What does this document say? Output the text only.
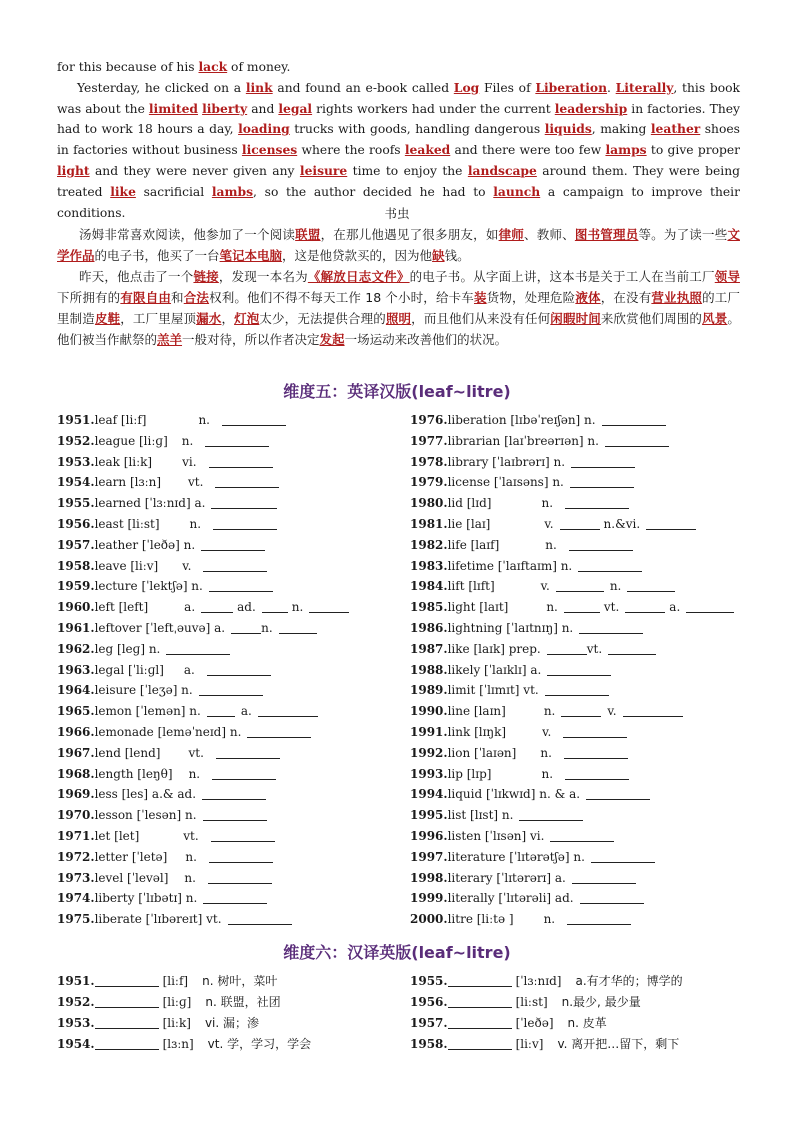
for this because of his lack of money.

Yesterday, he clicked on a link and found an e-book called Log Files of Liberation. Literally, this book was about the limited liberty and legal rights workers had under the current leadership in factories. They had to work 18 hours a day, loading trucks with goods, handling dangerous liquids, making leather shoes in factories without business licenses where the roofs leaked and there were too few lamps to give proper light and they were never given any leisure time to enjoy the landscape around them. They were being treated like sacrificial lambs, so the author decided he had to launch a campaign to improve their conditions.	书虫

汤姆非常喜欢阅读，他参加了一个阅读联盟，在那儿他遇见了很多朋友，如律师、教师、图书管理员等。为了读一些文学作品的电子书，他买了一台笔记本电脑，这是他贷款买的，因为他缺钱。

昨天，他点击了一个链接，发现一本名为《解放日志文件》的电子书。从字面上讲，这本书是关于工人在当前工厂领导下所拥有的有限自由和合法权利。他们不得不每天工作 18 个小时，给卡车装货物，处理危险液体，在没有营业执照的工厂里制造皮鞋，工厂里屋顶漏水，灯泡太少，无法提供合理的照明，而且他们从来没有任何闲暇时间来欣赏他们周围的风景。他们被当作献祭的羔羊一般对待，所以作者决定发起一场运动来改善他们的状况。

维度五：英译汉版(leaf~litre)
1951.leaf [liːf]	n.
1952.league [liːɡ] n.
1953.leak [liːk]	vi.
1954.learn [lɜːn] vt.
1955.learned [ˈlɜːnɪd] a.
1956.least [liːst]	n.
1957.leather [ˈleðə] n.
1958.leave [liːv] v.
1959.lecture [ˈlektʃə] n.
1960.left [left]	a.	ad.	n.
1961.leftover [ˈleftˌəuvə] a.	n.
1962.leg [leɡ] n.
1963.legal [ˈliːɡl] a.
1964.leisure [ˈleʒə] n.
1965.lemon [ˈlemən] n.	a.
1966.lemonade [leməˈneɪd] n.
1967.lend [lend] vt.
1968.length [leŋθ] n.
1969.less [les] a.& ad.
1970.lesson [ˈlesən] n.
1971.let [let]	vt.
1972.letter [ˈletə] n.
1973.level [ˈlevəl] n.
1974.liberty [ˈlɪbətɪ] n.
1975.liberate [ˈlɪbəreɪt] vt.
1976.liberation [lɪbəˈreɪʃən] n.
1977.librarian [laɪˈbreərɪən] n.
1978.library [ˈlaɪbrərɪ] n.
1979.license [ˈlaɪsəns] n.
1980.lid [lɪd]	n.
1981.lie [laɪ]	v.	n.&vi.
1982.life [laɪf]	n.
1983.lifetime [ˈlaɪftaɪm] n.
1984.lift [lɪft]	v.	n.
1985.light [laɪt]	n.	vt.	a.
1986.lightning [ˈlaɪtnɪŋ] n.
1987.like [laɪk] prep.	vt.
1988.likely [ˈlaɪklɪ] a.
1989.limit [ˈlɪmɪt] vt.
1990.line [laɪn]	n.	v.
1991.link [lɪŋk]	v.
1992.lion [ˈlaɪən] n.
1993.lip [lɪp]	n.
1994.liquid [ˈlɪkwɪd] n. & a.
1995.list [lɪst] n.
1996.listen [ˈlɪsən] vi.
1997.literature [ˈlɪtərətʃə] n.
1998.literary [ˈlɪtərərɪ] a.
1999.literally [ˈlɪtərəli] ad.
2000.litre [liːtə ]	n.
维度六：汉译英版(leaf~litre)
1951.	[liːf] n. 树叶，菜叶
1952.	[liːɡ] n. 联盟，社团
1953.	[liːk] vi. 漏；渗
1954.	[lɜːn] vt. 学，学习，学会
1955.	[ˈlɜːnɪd] a.有才华的；博学的
1956.	[liːst] n.最少, 最少量
1957.	[ˈleðə] n. 皮革
1958.	[liːv] v. 离开把…留下，剩下
